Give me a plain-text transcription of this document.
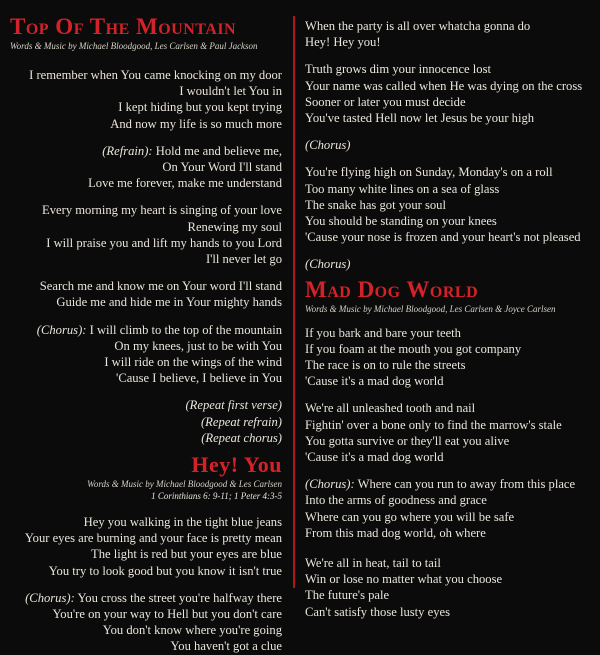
Top Of The Mountain

Words & Music by Michael Bloodgood, Les Carlsen & Paul Jackson

I remember when You came knocking on my door
I wouldn't let You in
I kept hiding but you kept trying
And now my life is so much more
(Refrain): Hold me and believe me,
On Your Word I'll stand
Love me forever, make me understand
Every morning my heart is singing of your love
Renewing my soul
I will praise you and lift my hands to you Lord
I'll never let go
Search me and know me on Your word I'll stand
Guide me and hide me in Your mighty hands
(Chorus): I will climb to the top of the mountain
On my knees, just to be with You
I will ride on the wings of the wind
'Cause I believe, I believe in You
(Repeat first verse)
(Repeat refrain)
(Repeat chorus)
Hey! You

Words & Music by Michael Bloodgood & Les Carlsen

1 Corinthians 6: 9-11; 1 Peter 4:3-5
Hey you walking in the tight blue jeans
Your eyes are burning and your face is pretty mean
The light is red but your eyes are blue
You try to look good but you know it isn't true
(Chorus): You cross the street you're halfway there
You're on your way to Hell but you don't care
You don't know where you're going
You haven't got a clue
When the party is all over whatcha gonna do
Hey! Hey you!
Truth grows dim your innocence lost
Your name was called when He was dying on the cross
Sooner or later you must decide
You've tasted Hell now let Jesus be your high
(Chorus)
You're flying high on Sunday, Monday's on a roll
Too many white lines on a sea of glass
The snake has got your soul
You should be standing on your knees
'Cause your nose is frozen and your heart's not pleased
(Chorus)
Mad Dog World

Words & Music by Michael Bloodgood, Les Carlsen & Joyce Carlsen

If you bark and bare your teeth
If you foam at the mouth you got company
The race is on to rule the streets
'Cause it's a mad dog world
We're all unleashed tooth and nail
Fightin' over a bone only to find the marrow's stale
You gotta survive or they'll eat you alive
'Cause it's a mad dog world
(Chorus): Where can you run to away from this place
Into the arms of goodness and grace
Where can you go where you will be safe
From this mad dog world, oh where
We're all in heat, tail to tail
Win or lose no matter what you choose
The future's pale
Can't satisfy those lusty eyes
